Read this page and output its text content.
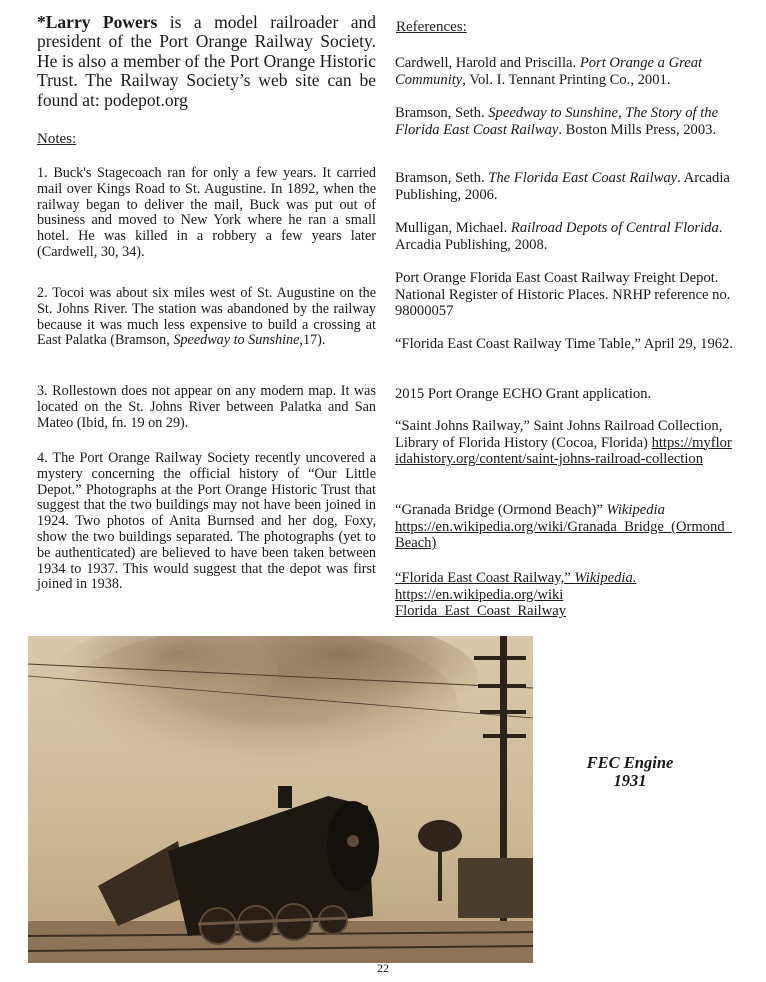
*Larry Powers is a model railroader and president of the Port Orange Railway Society. He is also a member of the Port Orange Historic Trust. The Railway Society’s web site can be found at: podepot.org

Notes:

1. Buck's Stagecoach ran for only a few years. It carried mail over Kings Road to St. Augustine. In 1892, when the railway began to deliver the mail, Buck was put out of business and moved to New York where he ran a small hotel. He was killed in a robbery a few years later (Cardwell, 30, 34).

2. Tocoi was about six miles west of St. Augustine on the St. Johns River. The station was abandoned by the railway because it was much less expensive to build a crossing at East Palatka (Bramson, Speedway to Sunshine,17).

3. Rollestown does not appear on any modern map. It was located on the St. Johns River between Palatka and San Mateo (Ibid, fn. 19 on 29).

4. The Port Orange Railway Society recently uncovered a mystery concerning the official history of “Our Little Depot.” Photographs at the Port Orange Historic Trust that suggest that the two buildings may not have been joined in 1924. Two photos of Anita Burnsed and her dog, Foxy, show the two buildings separated. The photographs (yet to be authenticated) are believed to have been taken between 1934 to 1937. This would suggest that the depot was first joined in 1938.

References:

Cardwell, Harold and Priscilla. Port Orange a Great Community, Vol. I. Tennant Printing Co., 2001.

Bramson, Seth. Speedway to Sunshine, The Story of the Florida East Coast Railway. Boston Mills Press, 2003.

Bramson, Seth. The Florida East Coast Railway. Arcadia Publishing, 2006.

Mulligan, Michael. Railroad Depots of Central Florida. Arcadia Publishing, 2008.

Port Orange Florida East Coast Railway Freight Depot. National Register of Historic Places. NRHP reference no. 98000057

“Florida East Coast Railway Time Table,” April 29, 1962.

2015 Port Orange ECHO Grant application.

“Saint Johns Railway,” Saint Johns Railroad Collection, Library of Florida History (Cocoa, Florida) https://myfloridahistory.org/content/saint-johns-railroad-collection

“Granada Bridge (Ormond Beach)” Wikipedia
https://en.wikipedia.org/wiki/Granada_Bridge_(Ormond_Beach)

“Florida East Coast Railway,” Wikipedia.
https://en.wikipedia.org/wiki
Florida_East_Coast_Railway

FEC Engine
1931
22
